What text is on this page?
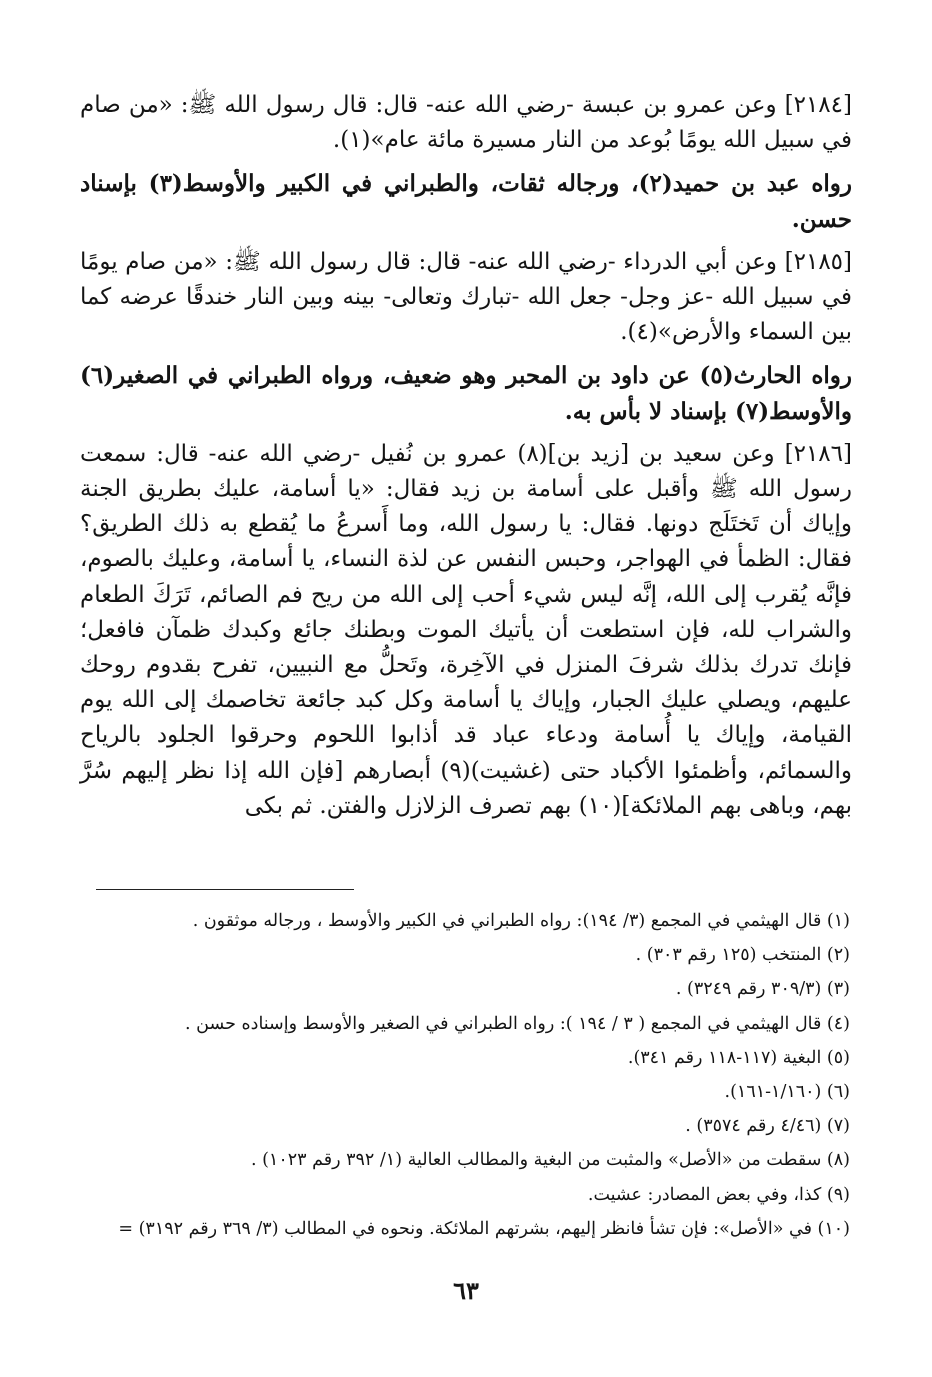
[٢١٨٤] وعن عمرو بن عبسة -رضي الله عنه- قال: قال رسول الله ﷺ: «من صام في سبيل الله يومًا بُوعد من النار مسيرة مائة عام»(١).

رواه عبد بن حميد(٢)، ورجاله ثقات، والطبراني في الكبير والأوسط(٣) بإسناد حسن.

[٢١٨٥] وعن أبي الدرداء -رضي الله عنه- قال: قال رسول الله ﷺ: «من صام يومًا في سبيل الله -عز وجل- جعل الله -تبارك وتعالى- بينه وبين النار خندقًا عرضه كما بين السماء والأرض»(٤).

رواه الحارث(٥) عن داود بن المحبر وهو ضعيف، ورواه الطبراني في الصغير(٦) والأوسط(٧) بإسناد لا بأس به.

[٢١٨٦] وعن سعيد بن [زيد بن](٨) عمرو بن نُفيل -رضي الله عنه- قال: سمعت رسول الله ﷺ وأقبل على أسامة بن زيد فقال: «يا أسامة، عليك بطريق الجنة وإياك أن تَختَلَج دونها. فقال: يا رسول الله، وما أَسرعُ ما يُقطع به ذلك الطريق؟ فقال: الظمأ في الهواجر، وحبس النفس عن لذة النساء، يا أسامة، وعليك بالصوم، فإنَّه يُقرب إلى الله، إنَّه ليس شيء أحب إلى الله من ريح فم الصائم، تَرَكَ الطعام والشراب لله، فإن استطعت أن يأتيك الموت وبطنك جائع وكبدك ظمآن فافعل؛ فإنك تدرك بذلك شرفَ المنزل في الآخِرة، وتَحلُّ مع النبيين، تفرح بقدوم روحك عليهم، ويصلي عليك الجبار، وإياك يا أسامة وكل كبد جائعة تخاصمك إلى الله يوم القيامة، وإياك يا أُسامة ودعاء عباد قد أذابوا اللحوم وحرقوا الجلود بالرياح والسمائم، وأظمئوا الأكباد حتى (غشيت)(٩) أبصارهم [فإن الله إذا نظر إليهم سُرَّ بهم، وباهى بهم الملائكة](١٠) بهم تصرف الزلازل والفتن. ثم بكى

(١) قال الهيثمي في المجمع (٣/ ١٩٤): رواه الطبراني في الكبير والأوسط ، ورجاله موثقون .
(٢) المنتخب (١٢٥ رقم ٣٠٣) .
(٣) (٣٠٩/٣ رقم ٣٢٤٩) .
(٤) قال الهيثمي في المجمع ( ٣ / ١٩٤ ): رواه الطبراني في الصغير والأوسط وإسناده حسن .
(٥) البغية (١١٧-١١٨ رقم ٣٤١).
(٦) (١/١٦٠-١٦١).
(٧) (٤/٤٦ رقم ٣٥٧٤) .
(٨) سقطت من «الأصل» والمثبت من البغية والمطالب العالية (١/ ٣٩٢ رقم ١٠٢٣) .
(٩) كذا، وفي بعض المصادر: عشيت.
(١٠) في «الأصل»: فإن تشأ فانظر إليهم، بشرتهم الملائكة. ونحوه في المطالب (٣/ ٣٦٩ رقم ٣١٩٢) =
٦٣
